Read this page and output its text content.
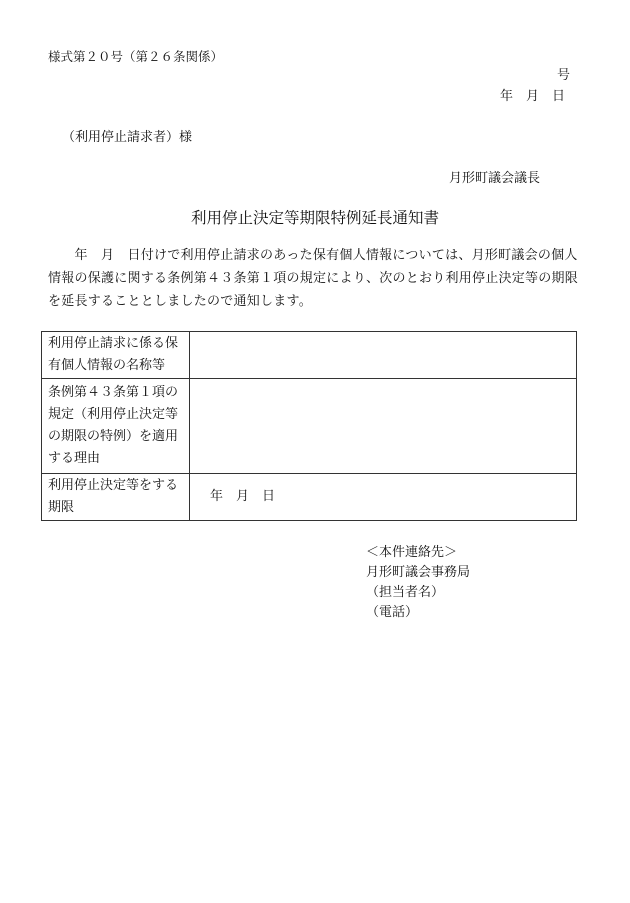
様式第２０号（第２６条関係）
号
年　月　日
（利用停止請求者）様
月形町議会議長
利用停止決定等期限特例延長通知書
　　年　月　日付けで利用停止請求のあった保有個人情報については、月形町議会の個人
情報の保護に関する条例第４３条第１項の規定により、次のとおり利用停止決定等の期限
を延長することとしましたので通知します。
利用停止請求に係る保
有個人情報の名称等	

条例第４３条第１項の
規定（利用停止決定等
の期限の特例）を適用
する理由	

利用停止決定等をする
期限	年　月　日
＜本件連絡先＞
月形町議会事務局
（担当者名）
（電話）
